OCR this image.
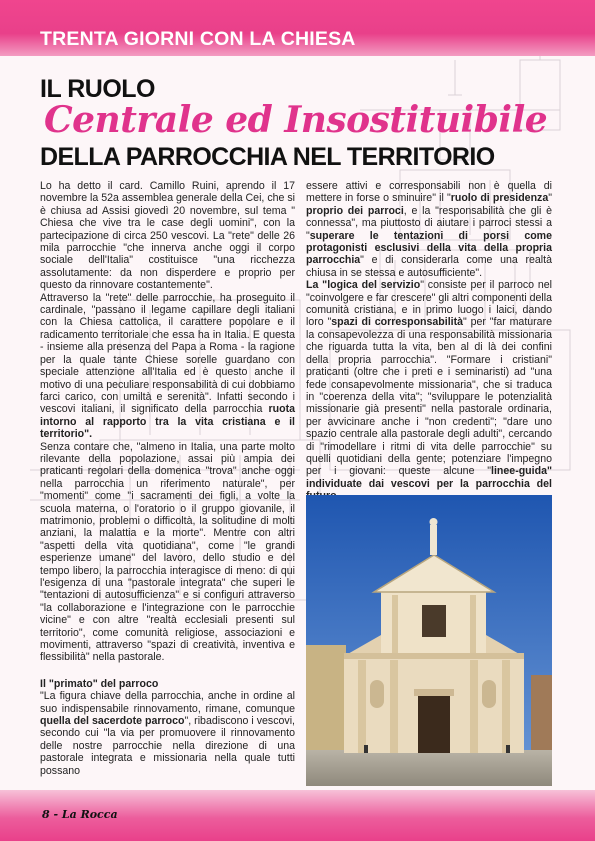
TRENTA GIORNI CON LA CHIESA
IL RUOLO
Centrale ed Insostituibile
DELLA PARROCCHIA NEL TERRITORIO

Lo ha detto il card. Camillo Ruini, aprendo il 17 novembre la 52a assemblea generale della Cei, che si è chiusa ad Assisi giovedì 20 novembre, sul tema " Chiesa che vive tra le case degli uomini", con la partecipazione di circa 250 vescovi. La "rete" delle 26 mila parrocchie "che innerva anche oggi il corpo sociale dell'Italia" costituisce "una ricchezza assolutamente: da non disperdere e proprio per questo da rinnovare costantemente".

Attraverso la "rete" delle parrocchie, ha proseguito il cardinale, "passano il legame capillare degli italiani con la Chiesa cattolica, il carattere popolare e il radicamento territoriale che essa ha in Italia. E questa - insieme alla presenza del Papa a Roma - la ragione per la quale tante Chiese sorelle guardano con speciale attenzione all'Italia ed è questo anche il motivo di una peculiare responsabilità di cui dobbiamo farci carico, con umiltà e serenità". Infatti secondo i vescovi italiani, il significato della parrocchia ruota intorno al rapporto tra la vita cristiana e il territorio".

Senza contare che, "almeno in Italia, una parte molto rilevante della popolazione, assai più ampia dei praticanti regolari della domenica "trova" anche oggi nella parrocchia un riferimento naturale", per "momenti" come "i sacramenti dei figli, a volte la scuola materna, o l'oratorio o il gruppo giovanile, il matrimonio, problemi o difficoltà, la solitudine di molti anziani, la malattia e la morte". Mentre con altri "aspetti della vita quotidiana", come "le grandi esperienze umane" del lavoro, dello studio e del tempo libero, la parrocchia interagisce di meno: di qui l'esigenza di una "pastorale integrata" che superi le "tentazioni di autosufficienza" e si configuri attraverso "la collaborazione e l'integrazione con le parrocchie vicine" e con altre "realtà ecclesiali presenti sul territorio", come comunità religiose, associazioni e movimenti, attraverso "spazi di creatività, inventiva e flessibilità" nella pastorale.

Il "primato" del parroco

"La figura chiave della parrocchia, anche in ordine al suo indispensabile rinnovamento, rimane, comunque quella del sacerdote parroco", ribadiscono i vescovi, secondo cui "la via per promuovere il rinnovamento delle nostre parrocchie nella direzione di una pastorale integrata e missionaria nella quale tutti possano

essere attivi e corresponsabili non è quella di mettere in forse o sminuire" il "ruolo di presidenza" proprio dei parroci, e la "responsabilità che gli è connessa", ma piuttosto di aiutare i parroci stessi a "superare le tentazioni di porsi come protagonisti esclusivi della vita della propria parrocchia" e di considerarla come una realtà chiusa in se stessa e autosufficiente".

La "logica del servizio" consiste per il parroco nel "coinvolgere e far crescere" gli altri componenti della comunità cristiana, e in primo luogo i laici, dando loro "spazi di corresponsabilità" per "far maturare la consapevolezza di una responsabilità missionaria che riguarda tutta la vita, ben al di là dei confini della propria parrocchia". "Formare i cristiani" praticanti (oltre che i preti e i seminaristi) ad "una fede consapevolmente missionaria", che si traduca in "coerenza della vita"; "sviluppare le potenzialità missionarie già presenti" nella pastorale ordinaria, per avvicinare anche i "non credenti"; "dare uno spazio centrale alla pastorale degli adulti", cercando di "rimodellare i ritmi di vita delle parrocchie" su quelli quotidiani della gente; potenziare l'impegno per i giovani: queste alcune "linee-guida" individuate dai vescovi per la parrocchia del

8 - La Rocca
